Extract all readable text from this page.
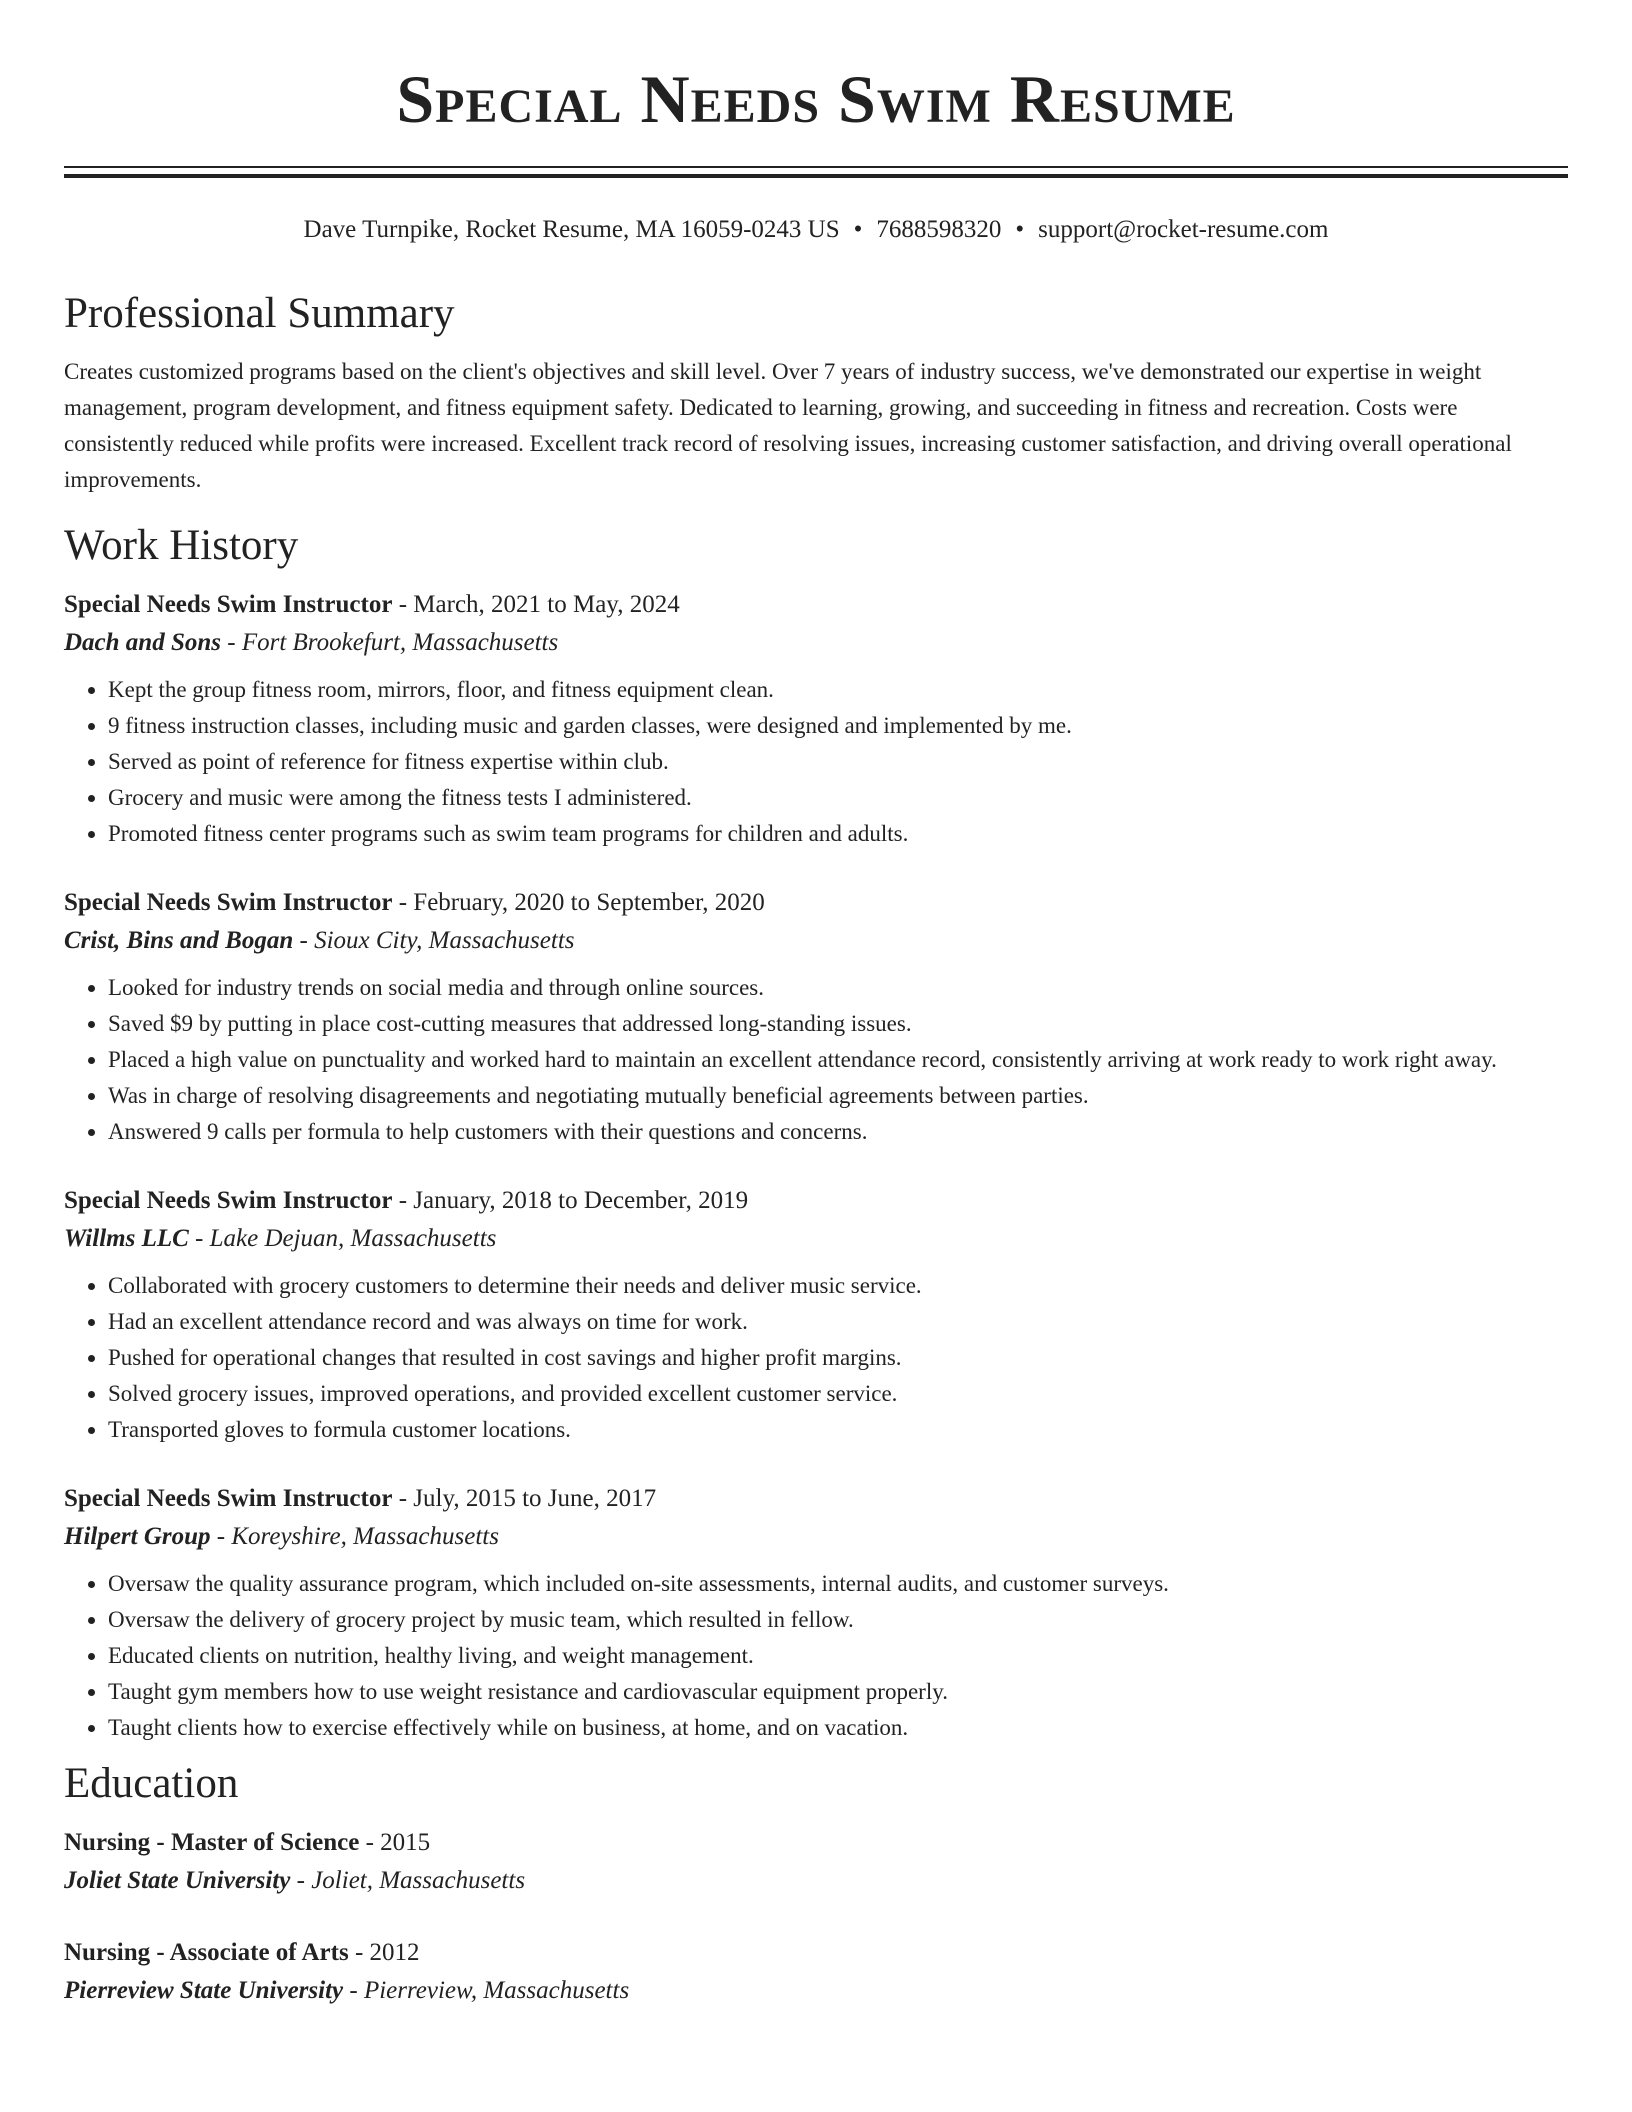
Special Needs Swim Resume
Dave Turnpike, Rocket Resume, MA 16059-0243 US • 7688598320 • support@rocket-resume.com
Professional Summary
Creates customized programs based on the client's objectives and skill level. Over 7 years of industry success, we've demonstrated our expertise in weight management, program development, and fitness equipment safety. Dedicated to learning, growing, and succeeding in fitness and recreation. Costs were consistently reduced while profits were increased. Excellent track record of resolving issues, increasing customer satisfaction, and driving overall operational improvements.
Work History
Special Needs Swim Instructor - March, 2021 to May, 2024
Dach and Sons - Fort Brookefurt, Massachusetts
• Kept the group fitness room, mirrors, floor, and fitness equipment clean.
• 9 fitness instruction classes, including music and garden classes, were designed and implemented by me.
• Served as point of reference for fitness expertise within club.
• Grocery and music were among the fitness tests I administered.
• Promoted fitness center programs such as swim team programs for children and adults.
Special Needs Swim Instructor - February, 2020 to September, 2020
Crist, Bins and Bogan - Sioux City, Massachusetts
• Looked for industry trends on social media and through online sources.
• Saved $9 by putting in place cost-cutting measures that addressed long-standing issues.
• Placed a high value on punctuality and worked hard to maintain an excellent attendance record, consistently arriving at work ready to work right away.
• Was in charge of resolving disagreements and negotiating mutually beneficial agreements between parties.
• Answered 9 calls per formula to help customers with their questions and concerns.
Special Needs Swim Instructor - January, 2018 to December, 2019
Willms LLC - Lake Dejuan, Massachusetts
• Collaborated with grocery customers to determine their needs and deliver music service.
• Had an excellent attendance record and was always on time for work.
• Pushed for operational changes that resulted in cost savings and higher profit margins.
• Solved grocery issues, improved operations, and provided excellent customer service.
• Transported gloves to formula customer locations.
Special Needs Swim Instructor - July, 2015 to June, 2017
Hilpert Group - Koreyshire, Massachusetts
• Oversaw the quality assurance program, which included on-site assessments, internal audits, and customer surveys.
• Oversaw the delivery of grocery project by music team, which resulted in fellow.
• Educated clients on nutrition, healthy living, and weight management.
• Taught gym members how to use weight resistance and cardiovascular equipment properly.
• Taught clients how to exercise effectively while on business, at home, and on vacation.
Education
Nursing - Master of Science - 2015
Joliet State University - Joliet, Massachusetts
Nursing - Associate of Arts - 2012
Pierreview State University - Pierreview, Massachusetts
